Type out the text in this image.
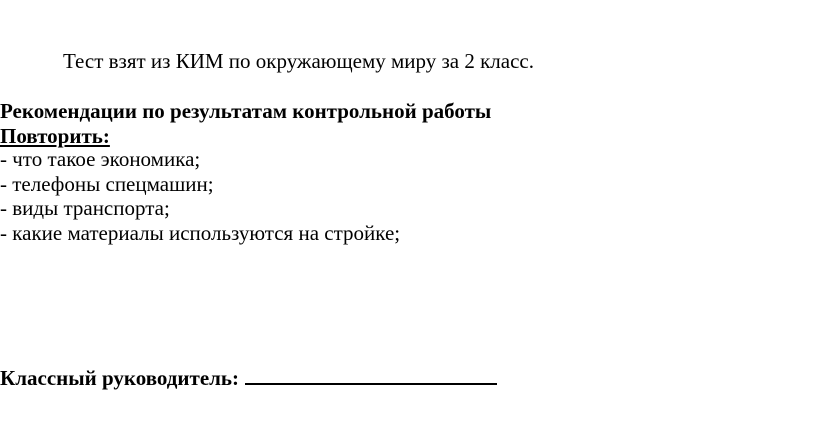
Тест взят из КИМ по окружающему миру за 2 класс.
Рекомендации по результатам контрольной работы
Повторить:
- что такое экономика;
- телефоны спецмашин;
- виды транспорта;
- какие материалы используются на стройке;
Классный руководитель:
